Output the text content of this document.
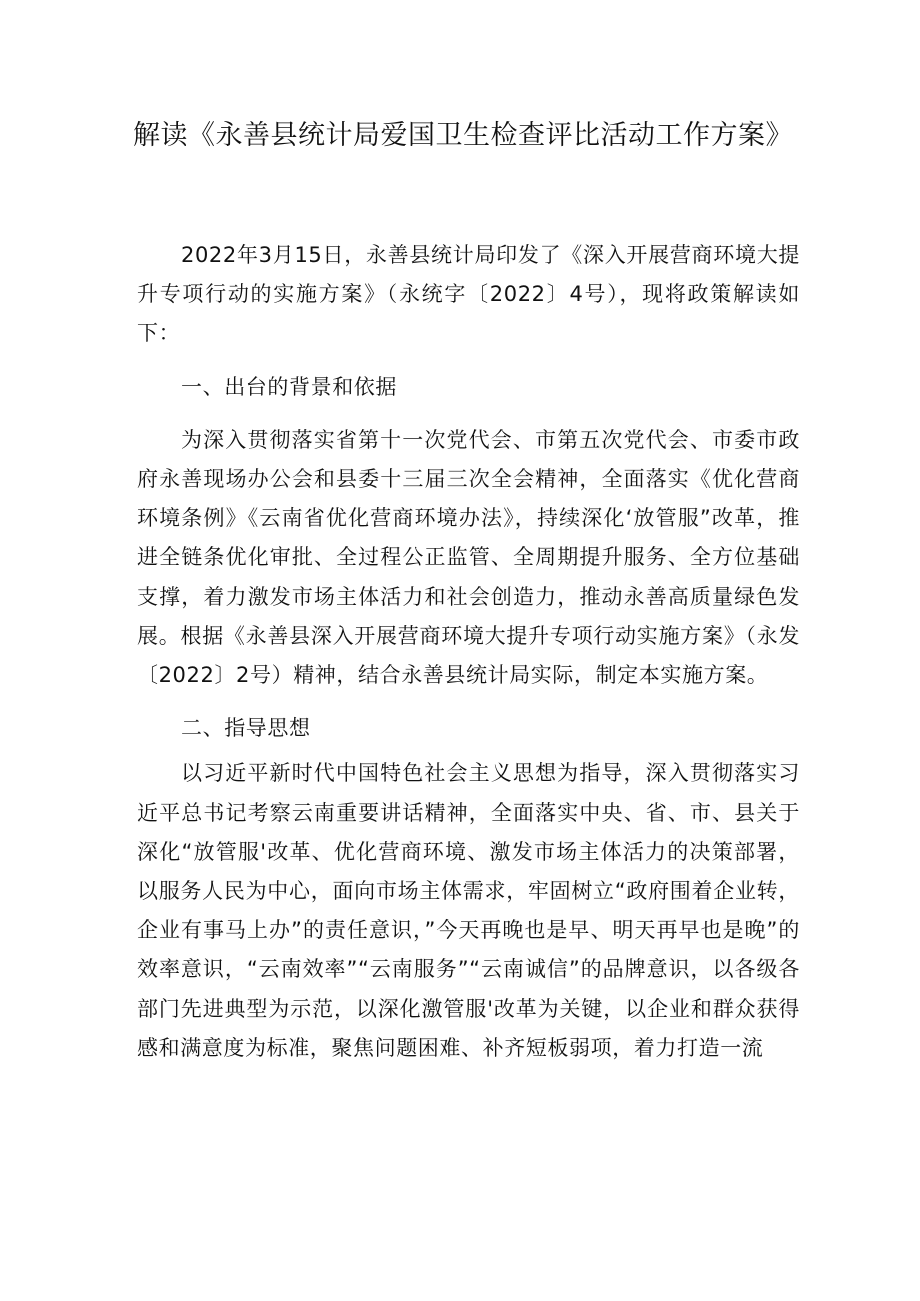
解读《永善县统计局爱国卫生检查评比活动工作方案》

2022年3月15日，永善县统计局印发了《深入开展营商环境大提升专项行动的实施方案》（永统字〔2022〕4号），现将政策解读如下：

一、出台的背景和依据

为深入贯彻落实省第十一次党代会、市第五次党代会、市委市政府永善现场办公会和县委十三届三次全会精神，全面落实《优化营商环境条例》《云南省优化营商环境办法》，持续深化‘放管服”改革，推进全链条优化审批、全过程公正监管、全周期提升服务、全方位基础支撑，着力激发市场主体活力和社会创造力，推动永善高质量绿色发展。根据《永善县深入开展营商环境大提升专项行动实施方案》（永发〔2022〕2号）精神，结合永善县统计局实际，制定本实施方案。

二、指导思想

以习近平新时代中国特色社会主义思想为指导，深入贯彻落实习近平总书记考察云南重要讲话精神，全面落实中央、省、市、县关于深化“放管服'改革、优化营商环境、激发市场主体活力的决策部署，以服务人民为中心，面向市场主体需求，牢固树立“政府围着企业转，企业有事马上办”的责任意识，”今天再晚也是早、明天再早也是晚”的效率意识，“云南效率”“云南服务”“云南诚信”的品牌意识，以各级各部门先进典型为示范，以深化激管服'改革为关键，以企业和群众获得感和满意度为标准，聚焦问题困难、补齐短板弱项，着力打造一流
